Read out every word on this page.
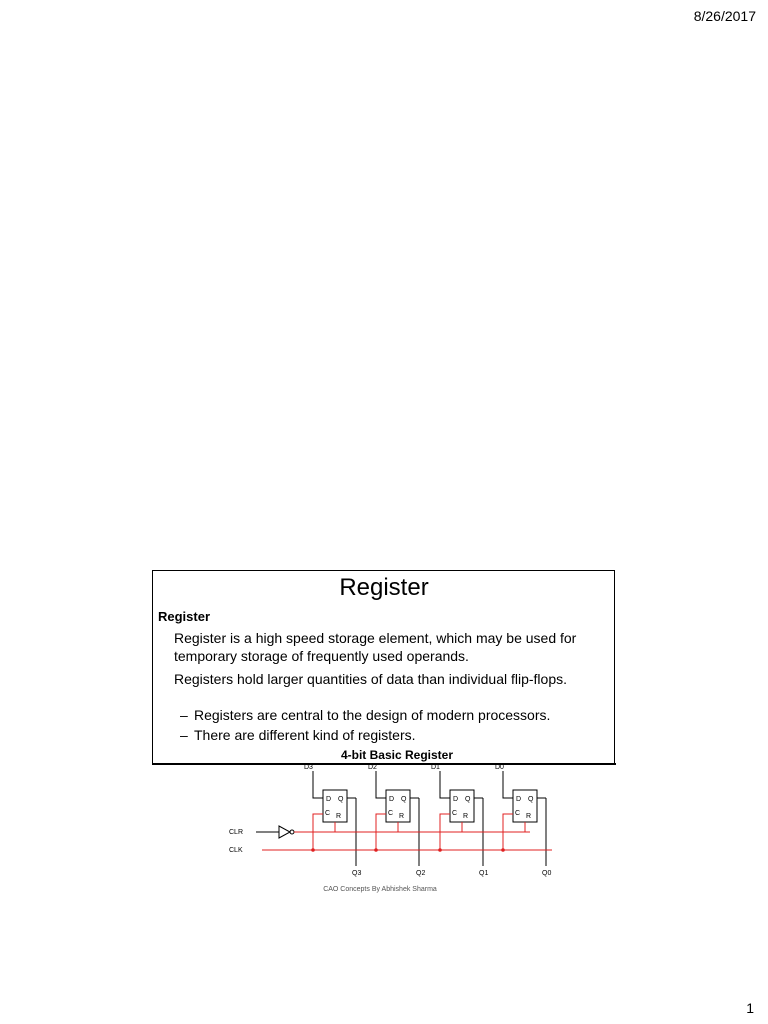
8/26/2017
Register
Register
Register is a high speed storage element, which may be used for temporary storage of frequently used operands.
Registers hold larger quantities of data than individual flip-flops.
– Registers are central to the design of modern processors.
– There are different kind of registers.
4-bit Basic Register
D3	D2	D1	D0
Q3	Q2	Q1	Q0
CLR
CLK
D Q
C R
D Q
C R
D Q
C R
D Q
C R
CAO Concepts By Abhishek Sharma
1
